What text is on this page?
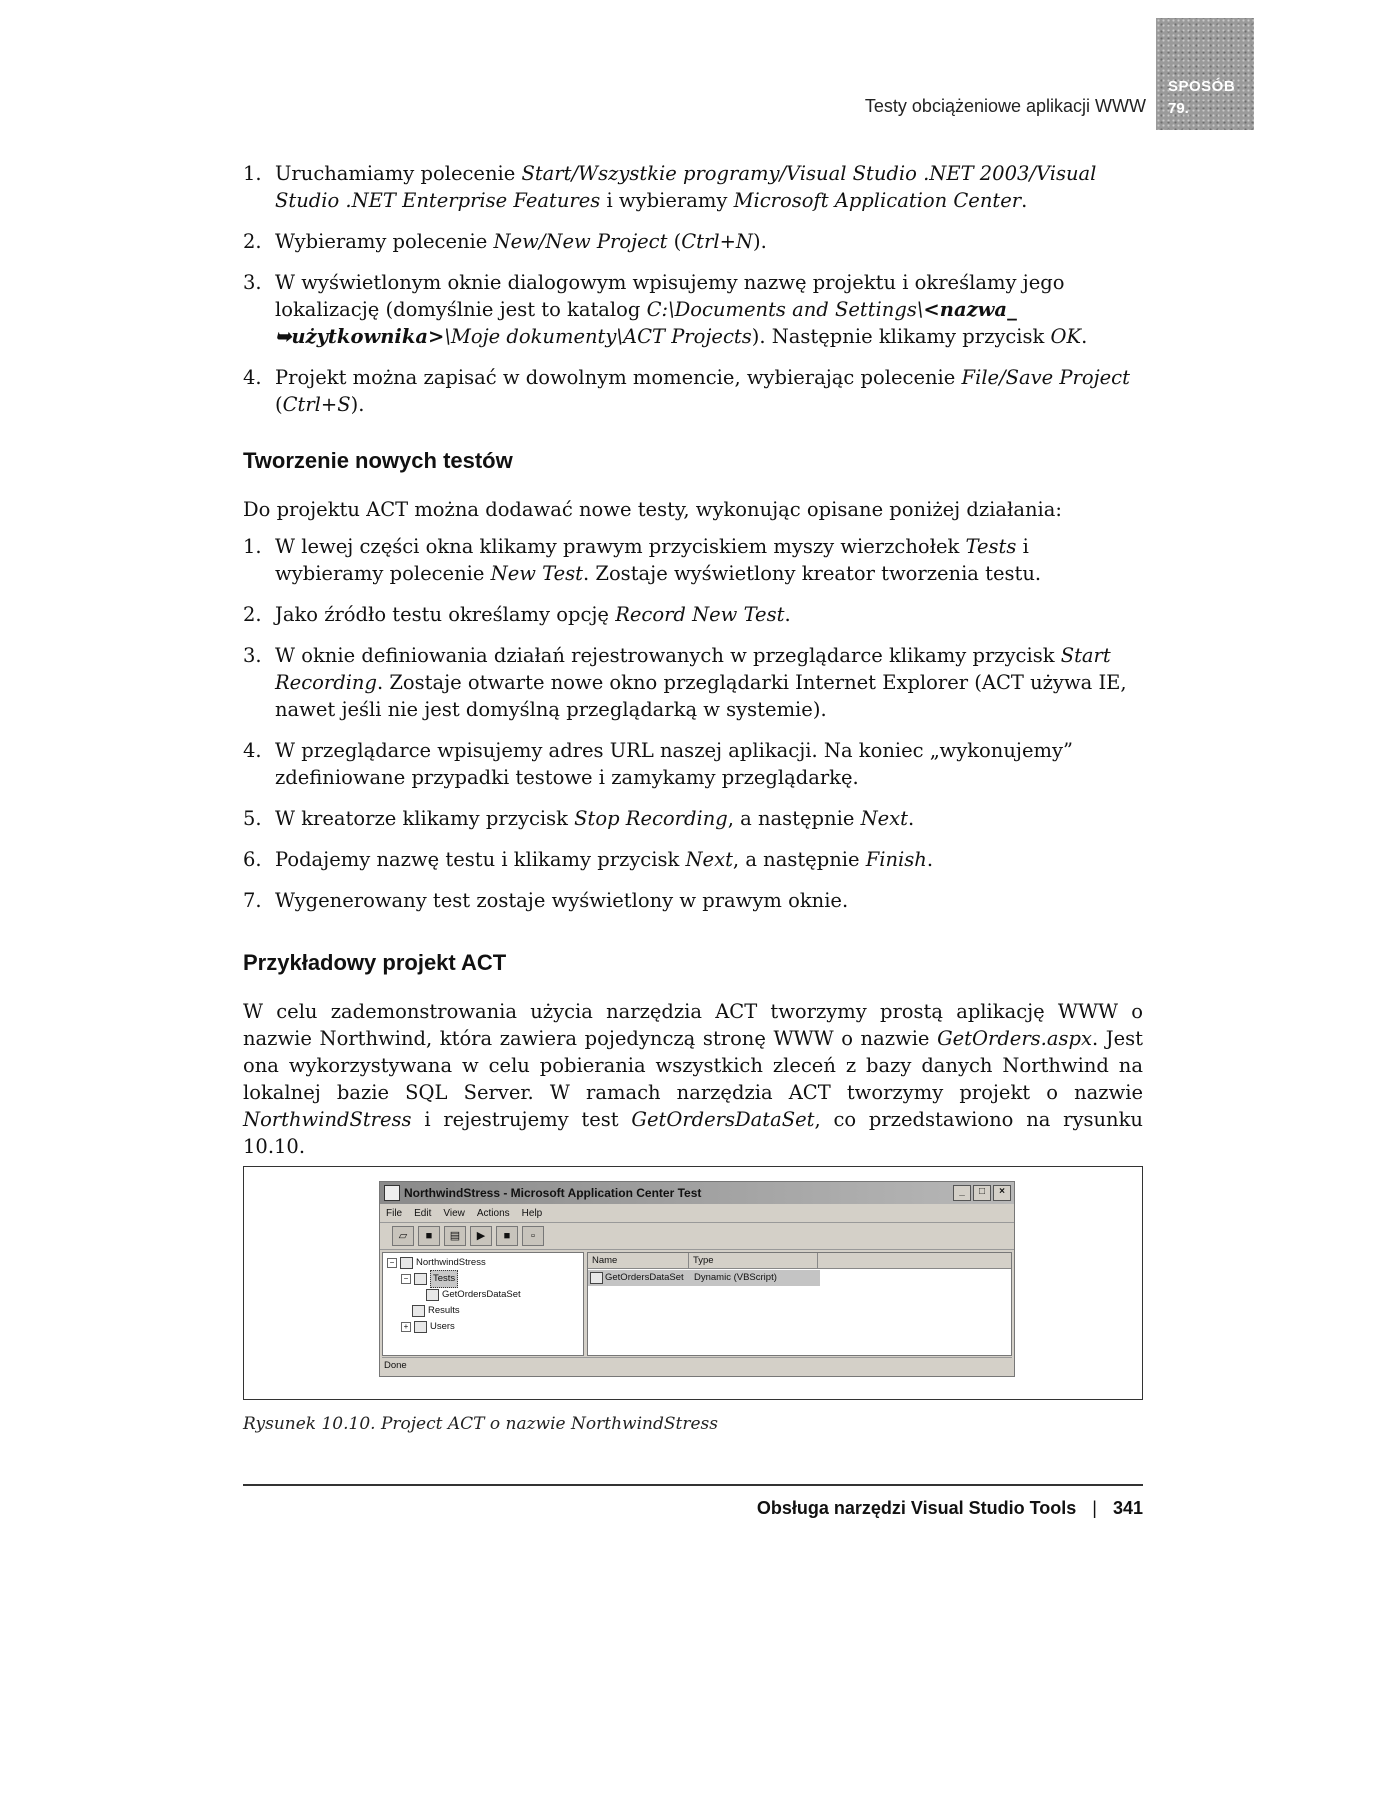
Testy obciążeniowe aplikacji WWW
SPOSÓB
79.
1. Uruchamiamy polecenie Start/Wszystkie programy/Visual Studio .NET 2003/Visual Studio .NET Enterprise Features i wybieramy Microsoft Application Center.
2. Wybieramy polecenie New/New Project (Ctrl+N).
3. W wyświetlonym oknie dialogowym wpisujemy nazwę projektu i określamy jego lokalizację (domyślnie jest to katalog C:\Documents and Settings\<nazwa_ ➥użytkownika>\Moje dokumenty\ACT Projects). Następnie klikamy przycisk OK.
4. Projekt można zapisać w dowolnym momencie, wybierając polecenie File/Save Project (Ctrl+S).
Tworzenie nowych testów

Do projektu ACT można dodawać nowe testy, wykonując opisane poniżej działania:

1. W lewej części okna klikamy prawym przyciskiem myszy wierzchołek Tests i wybieramy polecenie New Test. Zostaje wyświetlony kreator tworzenia testu.
2. Jako źródło testu określamy opcję Record New Test.
3. W oknie definiowania działań rejestrowanych w przeglądarce klikamy przycisk Start Recording. Zostaje otwarte nowe okno przeglądarki Internet Explorer (ACT używa IE, nawet jeśli nie jest domyślną przeglądarką w systemie).
4. W przeglądarce wpisujemy adres URL naszej aplikacji. Na koniec „wykonujemy” zdefiniowane przypadki testowe i zamykamy przeglądarkę.
5. W kreatorze klikamy przycisk Stop Recording, a następnie Next.
6. Podajemy nazwę testu i klikamy przycisk Next, a następnie Finish.
7. Wygenerowany test zostaje wyświetlony w prawym oknie.
Przykładowy projekt ACT

W celu zademonstrowania użycia narzędzia ACT tworzymy prostą aplikację WWW o nazwie Northwind, która zawiera pojedynczą stronę WWW o nazwie GetOrders.aspx. Jest ona wykorzystywana w celu pobierania wszystkich zleceń z bazy danych Northwind na lokalnej bazie SQL Server. W ramach narzędzia ACT tworzymy projekt o nazwie NorthwindStress i rejestrujemy test GetOrdersDataSet, co przedstawiono na rysunku 10.10.

NorthwindStress - Microsoft Application Center Test	_	□	×
File Edit View Actions Help
▱	■	▤	▶	■	▫
− NorthwindStress
−	Tests
GetOrdersDataSet
Results
+ Users
Name	Type
GetOrdersDataSet	Dynamic (VBScript)
Done
Rysunek 10.10. Project ACT o nazwie NorthwindStress
Obsługa narzędzi Visual Studio Tools | 341
